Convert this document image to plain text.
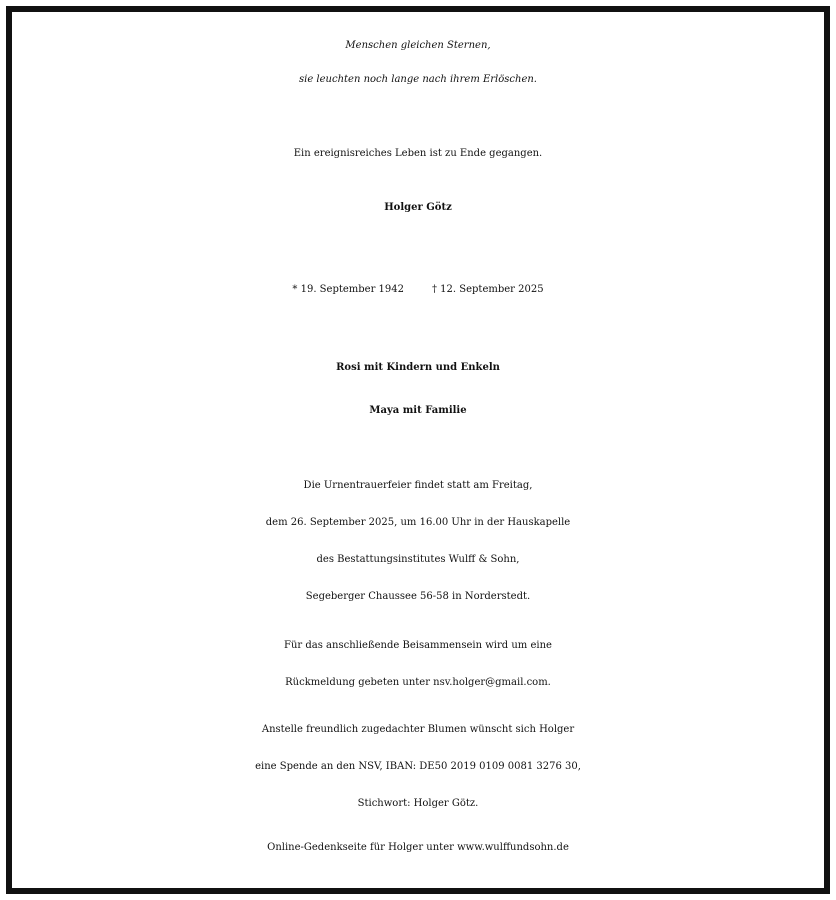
Menschen gleichen Sternen,
sie leuchten noch lange nach ihrem Erlöschen.
Ein ereignisreiches Leben ist zu Ende gegangen.
Holger Götz
* 19. September 1942	† 12. September 2025
Rosi mit Kindern und Enkeln
Maya mit Familie
Die Urnentrauerfeier findet statt am Freitag,
dem 26. September 2025, um 16.00 Uhr in der Hauskapelle
des Bestattungsinstitutes Wulff & Sohn,
Segeberger Chaussee 56-58 in Norderstedt.
Für das anschließende Beisammensein wird um eine
Rückmeldung gebeten unter nsv.holger@gmail.com.
Anstelle freundlich zugedachter Blumen wünscht sich Holger
eine Spende an den NSV, IBAN: DE50 2019 0109 0081 3276 30,
Stichwort: Holger Götz.
Online-Gedenkseite für Holger unter www.wulffundsohn.de
